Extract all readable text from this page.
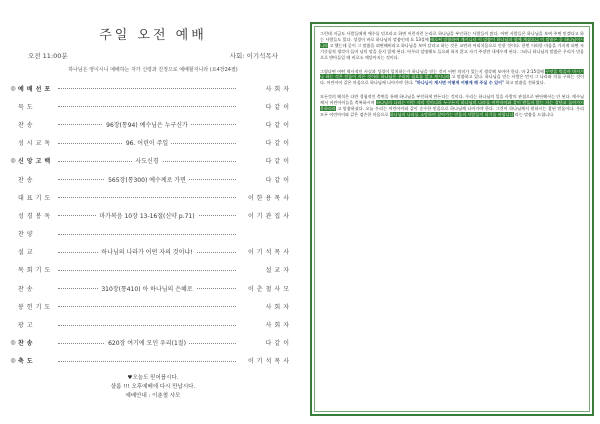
주일 오전 예배
오전 11:00분	사회: 이기석목사
하나님은 영이시니 예배하는 자가 신령과 진정으로 예배할지니라 (요4장24절)
◎ 예배선포	사회자
묵도	다같이
찬송	96장(통94) 예수님은 누구신가	다같이
성시교독	96. 어린이 주일	다같이
◎ 신앙고백	사도신경	다같이
찬송	565장(통300) 예수께로 가면	다같이
대표기도	이한용목사
성경봉독	마가복음 10장 13-16절(신약 p.71)	이기관집사
찬양
설교	하나님의 나라가 어떤 자의 것이냐!	이기석목사
목회기도	설교자
찬송	310장(통410) 아 하나님의 은혜로	이춘철사모
봉헌기도	사회자
광고	사회자
◎ 찬송	620장 여기에 모인 우리(1절)	다같이
◎ 축도	이기석목사
♥오늘도 믿어봅시다.
샬롬 !!! 오후예배에 다시 만납시다.
예배안내 : 이춘철 사모
그런데 지금도 사람들에게 예수를 믿으라고 하면 이런저런 논리로 하나님을 부인하는 사람들이 많다. 어떤 사람들은 하나님을 보여 주면 믿겠다고 하는 사람들도 있다. 성경이 바로 하나님의 말씀인데 요 13절에 때로써 말씀하여 계시니라 이 말씀이 하나님과 함께 계셨으니 이 말씀은 곧 하나님이시니라 고 했는데 곧이 그 말씀을 외면해버리고 하나님을 보여 달라고 하는 것은 교만과 어리석음으로 인한 것이다. 한번 이러한 마음을 가지게 되면 자기중심적 생각이 들며 남의 말을 듣지 않게 된다. 아무리 설명해도 들으려 하지 않고 자기 주장만 내세우게 된다. 그러나 하나님의 말씀은 우리가 믿음으로 받아들일 때 비로소 깨달아지는 것이다.
그렇다면 어떤 역사적인 사실과 성경이 일치하는가 하나님을 믿는 것이 어떤 의미가 있는지 생각해 보아야 한다. 마 2:15절에 무엇을 먹을까 마시거나 하는 것은 믿음이 작은 것이라 하나님은 우리의 필요를 알고 계시니라 고 말씀하고 있다. 하나님을 믿는 사람은 먼저 그 나라와 의를 구하는 것이다. 어린아이 같은 마음으로 하나님께 나아가야 한다. "하나님이 계시면 어떻게 어떻게 해 주실 수 있어" 하고 말씀을 전하였다.
모든것의 해석은 다만 경험적인 측면을 통해 하나님을 부인하게 만든다는 것이다. 우리는 하나님의 일을 사람의 관점으로 판단해서는 안 된다. 예수님께서 어린아이들을 축복하시며 하나님의 나라는 이런 자의 것이니라 누구든지 하나님의 나라를 어린아이와 같이 받들지 않는 자는 결단코 들어가지 못하리라 고 말씀하셨다. 오늘 우리는 어린아이와 같이 순수한 믿음으로 하나님께 나아가야 한다. 그것이 하나님께서 원하시는 참된 믿음이다. 우리 모두 어린아이와 같은 겸손한 마음으로 하나님의 나라를 소망하며 살아가는 믿음의 사람들이 되기를 바랍니다 라는 말씀을 드립니다.
